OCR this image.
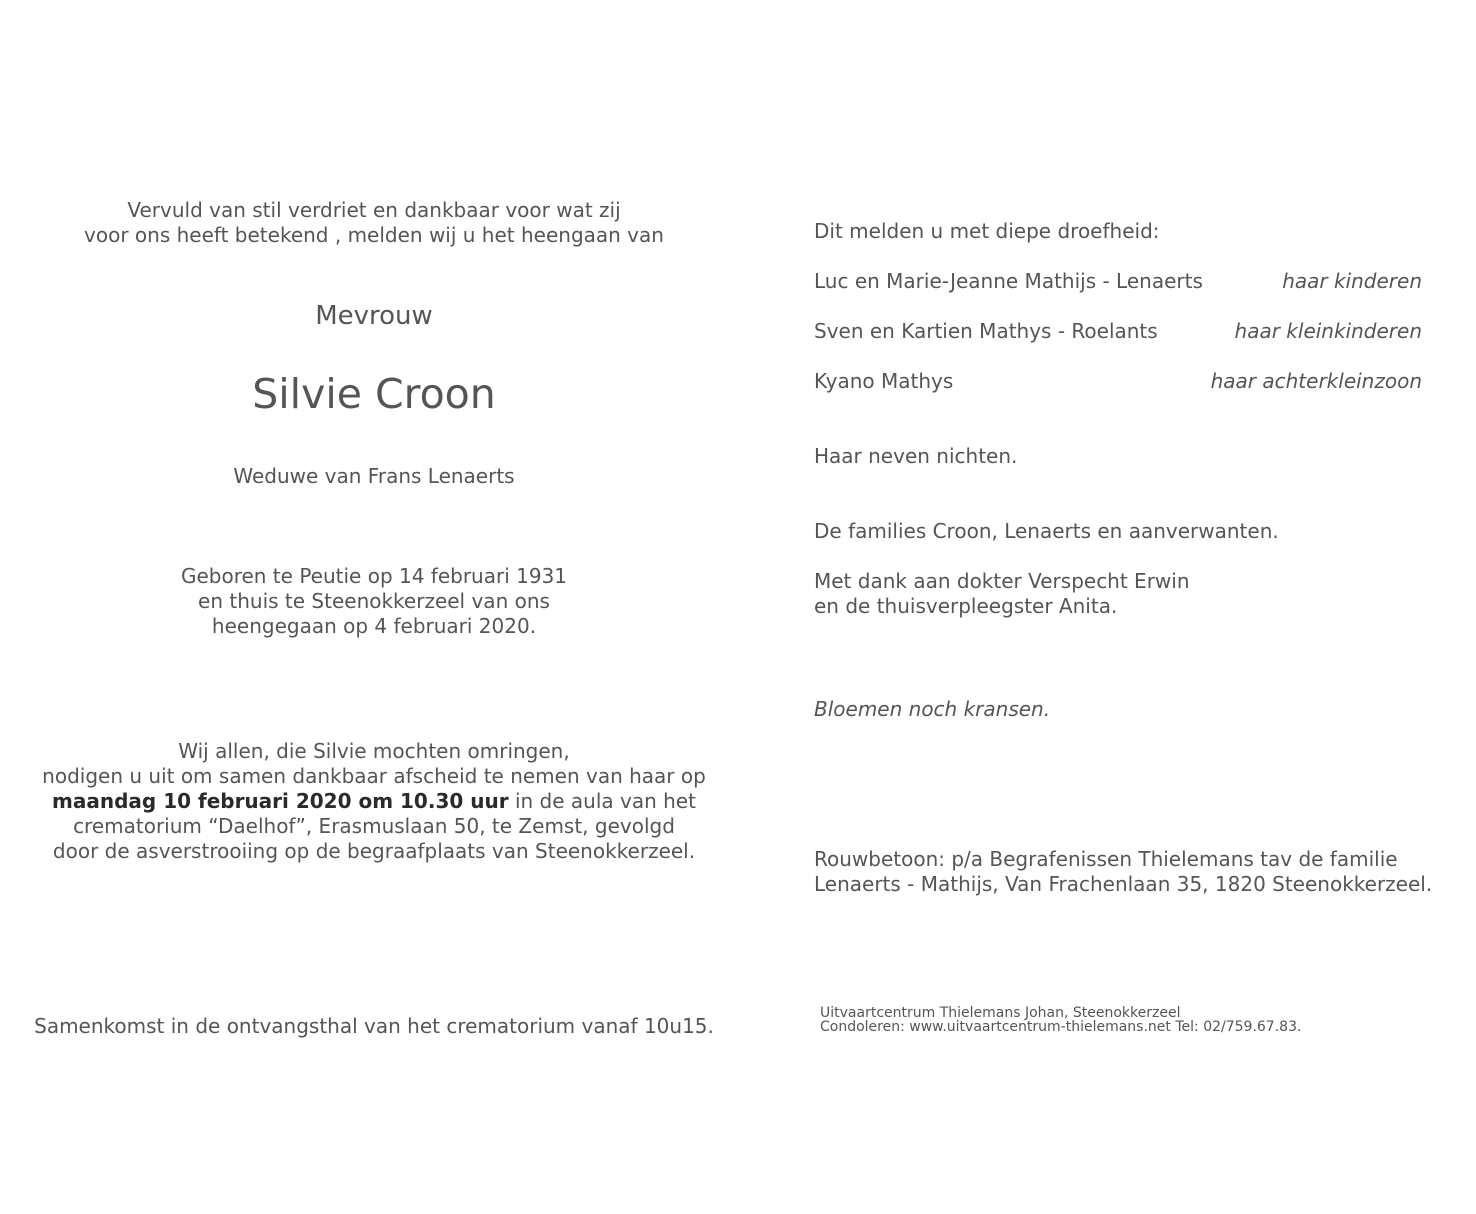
Vervuld van stil verdriet en dankbaar voor wat zij
voor ons heeft betekend , melden wij u het heengaan van
Mevrouw
Silvie Croon
Weduwe van Frans Lenaerts
Geboren te Peutie op 14 februari 1931
en thuis te Steenokkerzeel van ons
heengegaan op 4 februari 2020.
Wij allen, die Silvie mochten omringen,
nodigen u uit om samen dankbaar afscheid te nemen van haar op
maandag 10 februari 2020 om 10.30 uur in de aula van het
crematorium “Daelhof”, Erasmuslaan 50, te Zemst, gevolgd
door de asverstrooiing op de begraafplaats van Steenokkerzeel.
Samenkomst in de ontvangsthal van het crematorium vanaf 10u15.
Dit melden u met diepe droefheid:
Luc en Marie-Jeanne Mathijs - Lenaerts	haar kinderen
Sven en Kartien Mathys - Roelants	haar kleinkinderen
Kyano Mathys	haar achterkleinzoon
Haar neven nichten.
De families Croon, Lenaerts en aanverwanten.
Met dank aan dokter Verspecht Erwin
en de thuisverpleegster Anita.
Bloemen noch kransen.
Rouwbetoon: p/a Begrafenissen Thielemans tav de familie
Lenaerts - Mathijs, Van Frachenlaan 35, 1820 Steenokkerzeel.
Uitvaartcentrum Thielemans Johan, Steenokkerzeel
Condoleren: www.uitvaartcentrum-thielemans.net Tel: 02/759.67.83.
